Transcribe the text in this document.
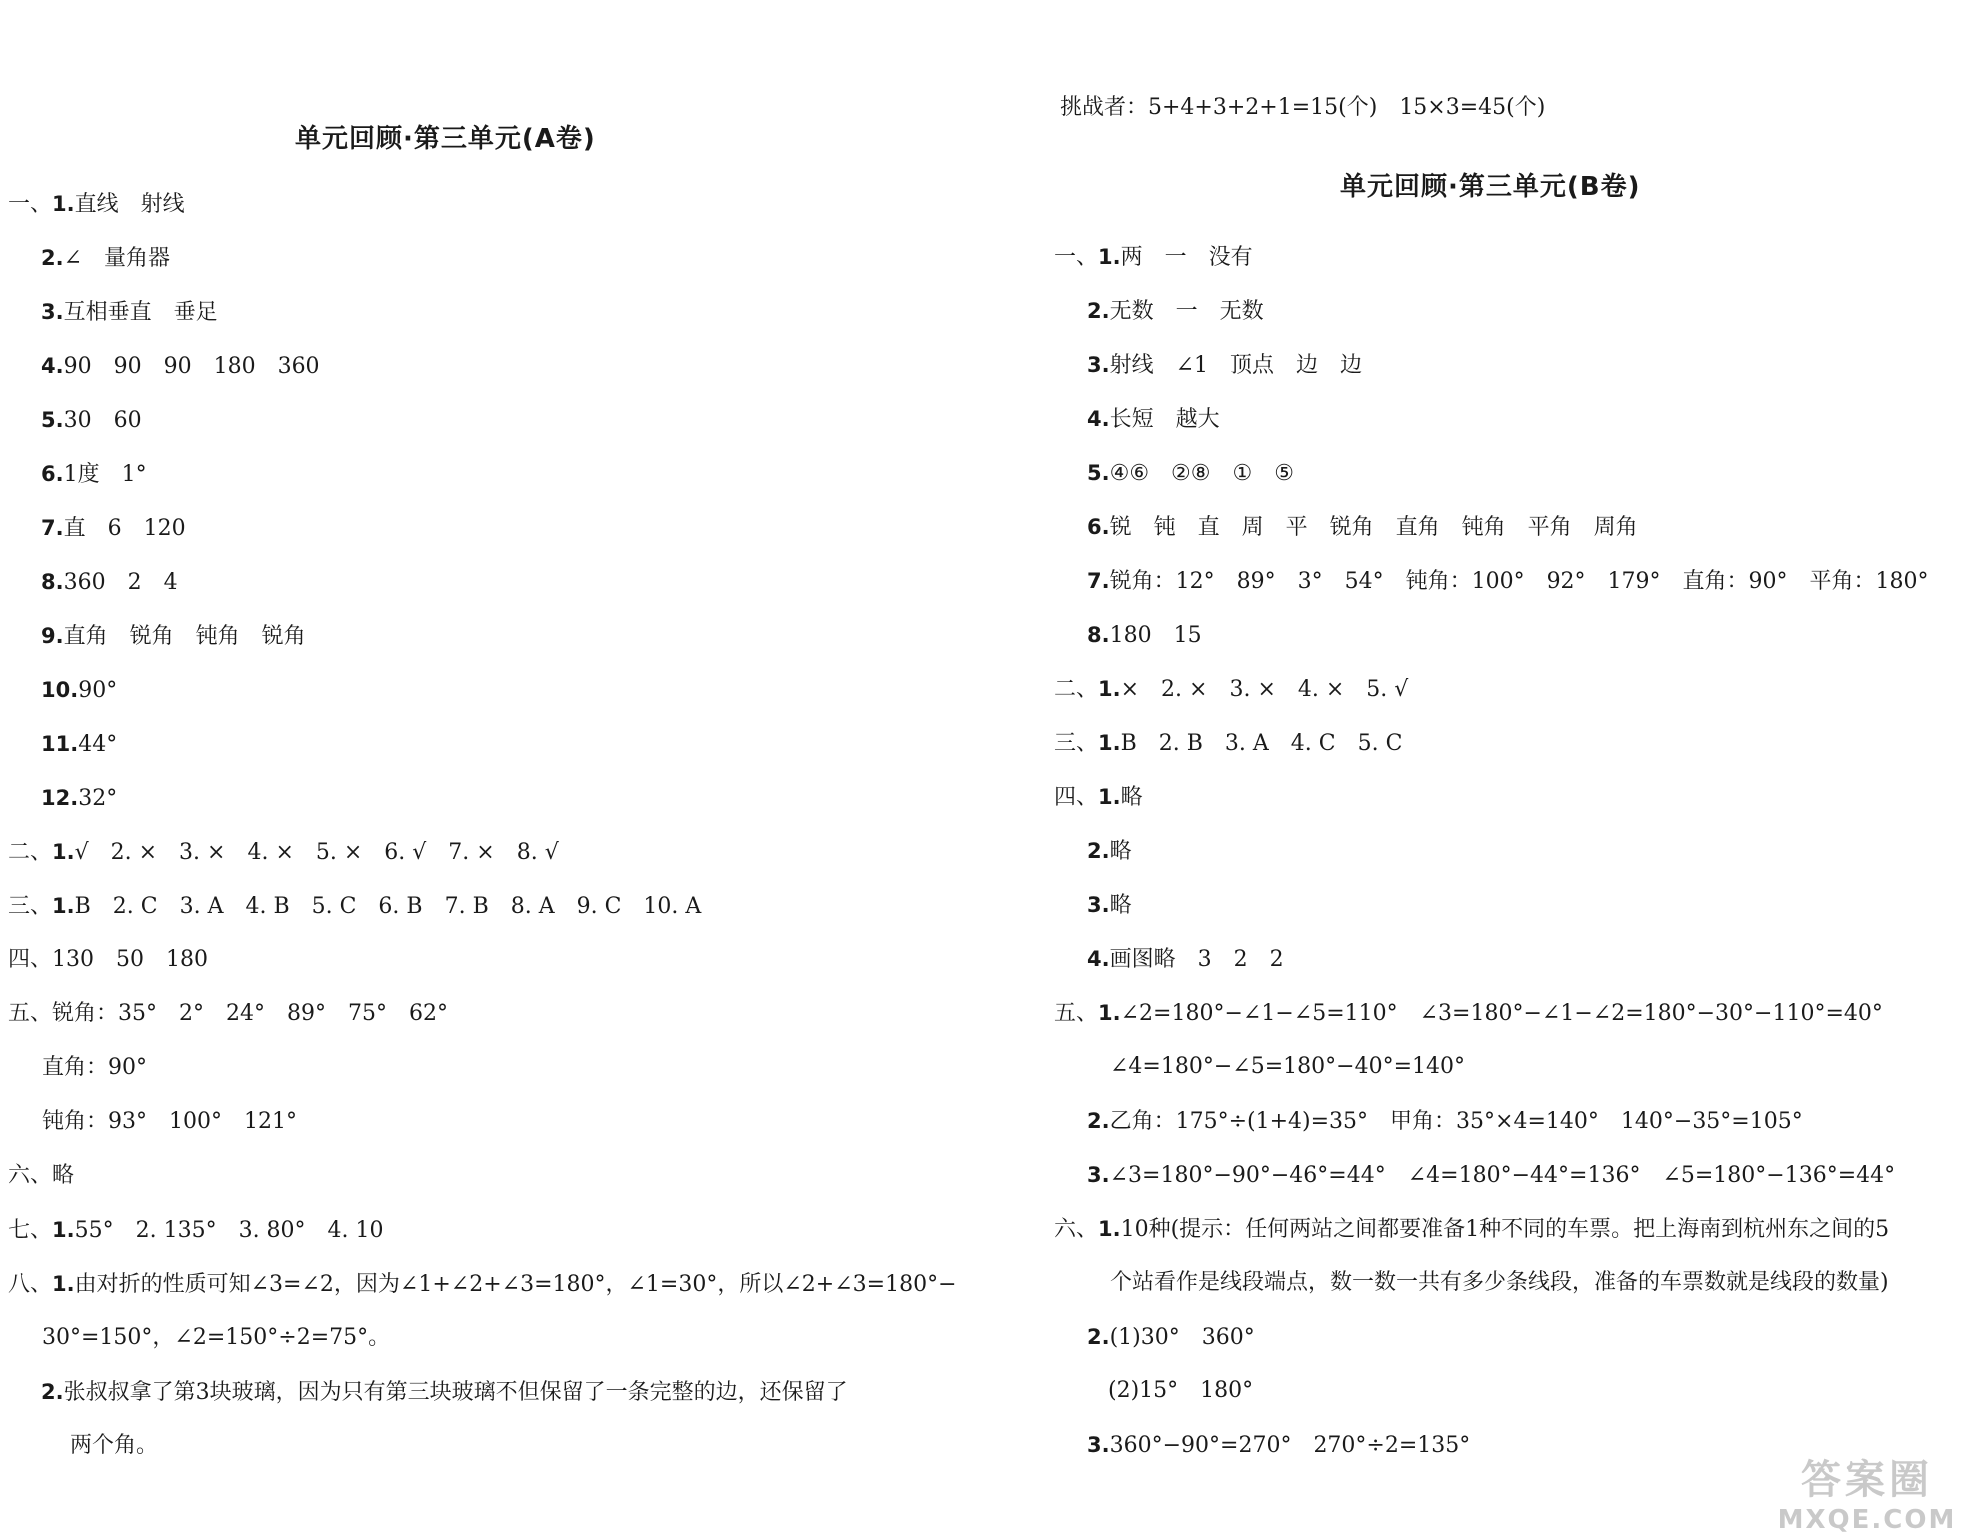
单元回顾·第三单元(A卷)
一、1.直线　射线
2.∠　量角器
3.互相垂直　垂足
4.90　90　90　180　360
5.30　60
6.1度　1°
7.直　6　120
8.360　2　4
9.直角　锐角　钝角　锐角
10.90°
11.44°
12.32°
二、1.√　2. ×　3. ×　4. ×　5. ×　6. √　7. ×　8. √
三、1.B　2. C　3. A　4. B　5. C　6. B　7. B　8. A　9. C　10. A
四、130　50　180
五、锐角：35°　2°　24°　89°　75°　62°
直角：90°
钝角：93°　100°　121°
六、略
七、1.55°　2. 135°　3. 80°　4. 10
八、1.由对折的性质可知∠3=∠2，因为∠1+∠2+∠3=180°，∠1=30°，所以∠2+∠3=180°−
30°=150°，∠2=150°÷2=75°。
2.张叔叔拿了第3块玻璃，因为只有第三块玻璃不但保留了一条完整的边，还保留了
两个角。
挑战者：5+4+3+2+1=15(个)　15×3=45(个)
单元回顾·第三单元(B卷)
一、1.两　一　没有
2.无数　一　无数
3.射线　∠1　顶点　边　边
4.长短　越大
5.④⑥　②⑧　①　⑤
6.锐　钝　直　周　平　锐角　直角　钝角　平角　周角
7.锐角：12°　89°　3°　54°　钝角：100°　92°　179°　直角：90°　平角：180°
8.180　15
二、1.×　2. ×　3. ×　4. ×　5. √
三、1.B　2. B　3. A　4. C　5. C
四、1.略
2.略
3.略
4.画图略　3　2　2
五、1.∠2=180°−∠1−∠5=110°　∠3=180°−∠1−∠2=180°−30°−110°=40°
∠4=180°−∠5=180°−40°=140°
2.乙角：175°÷(1+4)=35°　甲角：35°×4=140°　140°−35°=105°
3.∠3=180°−90°−46°=44°　∠4=180°−44°=136°　∠5=180°−136°=44°
六、1.10种(提示：任何两站之间都要准备1种不同的车票。把上海南到杭州东之间的5
个站看作是线段端点，数一数一共有多少条线段，准备的车票数就是线段的数量)
2.(1)30°　360°
(2)15°　180°
3.360°−90°=270°　270°÷2=135°
答案圈
MXQE.COM
